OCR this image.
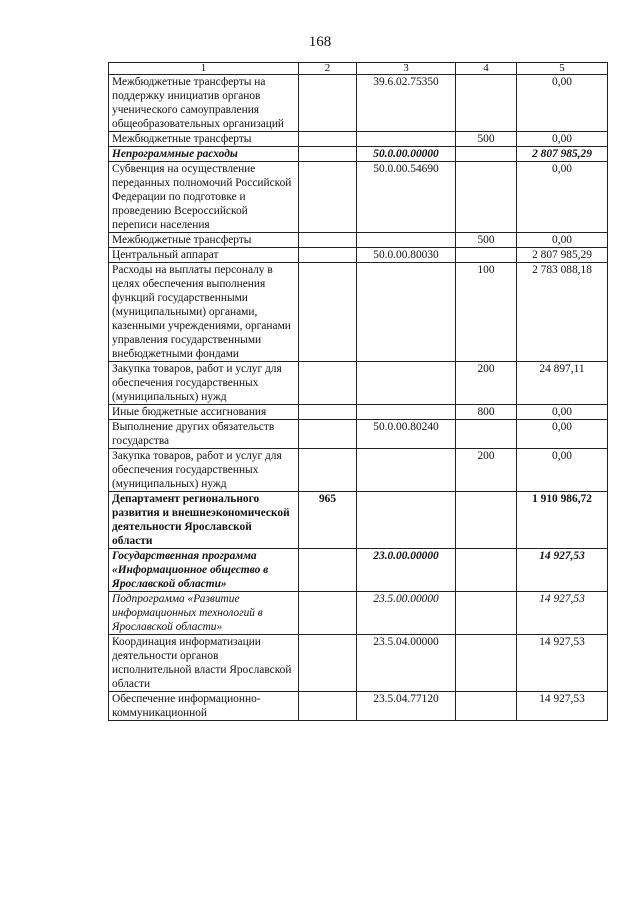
168
1	2	3	4	5
Межбюджетные трансферты на поддержку инициатив органов ученического самоуправления общеобразовательных организаций		39.6.02.75350		0,00
Межбюджетные трансферты			500	0,00
Непрограммные расходы		50.0.00.00000		2 807 985,29
Субвенция на осуществление переданных полномочий Российской Федерации по подготовке и проведению Всероссийской переписи населения		50.0.00.54690		0,00
Межбюджетные трансферты			500	0,00
Центральный аппарат		50.0.00.80030		2 807 985,29
Расходы на выплаты персоналу в целях обеспечения выполнения функций государственными (муниципальными) органами, казенными учреждениями, органами управления государственными внебюджетными фондами			100	2 783 088,18
Закупка товаров, работ и услуг для обеспечения государственных (муниципальных) нужд			200	24 897,11
Иные бюджетные ассигнования			800	0,00
Выполнение других обязательств государства		50.0.00.80240		0,00
Закупка товаров, работ и услуг для обеспечения государственных (муниципальных) нужд			200	0,00
Департамент регионального развития и внешнеэкономической деятельности Ярославской области	965			1 910 986,72
Государственная программа «Информационное общество в Ярославской области»		23.0.00.00000		14 927,53
Подпрограмма «Развитие информационных технологий в Ярославской области»		23.5.00.00000		14 927,53
Координация информатизации деятельности органов исполнительной власти Ярославской области		23.5.04.00000		14 927,53
Обеспечение информационно-коммуникационной		23.5.04.77120		14 927,53
